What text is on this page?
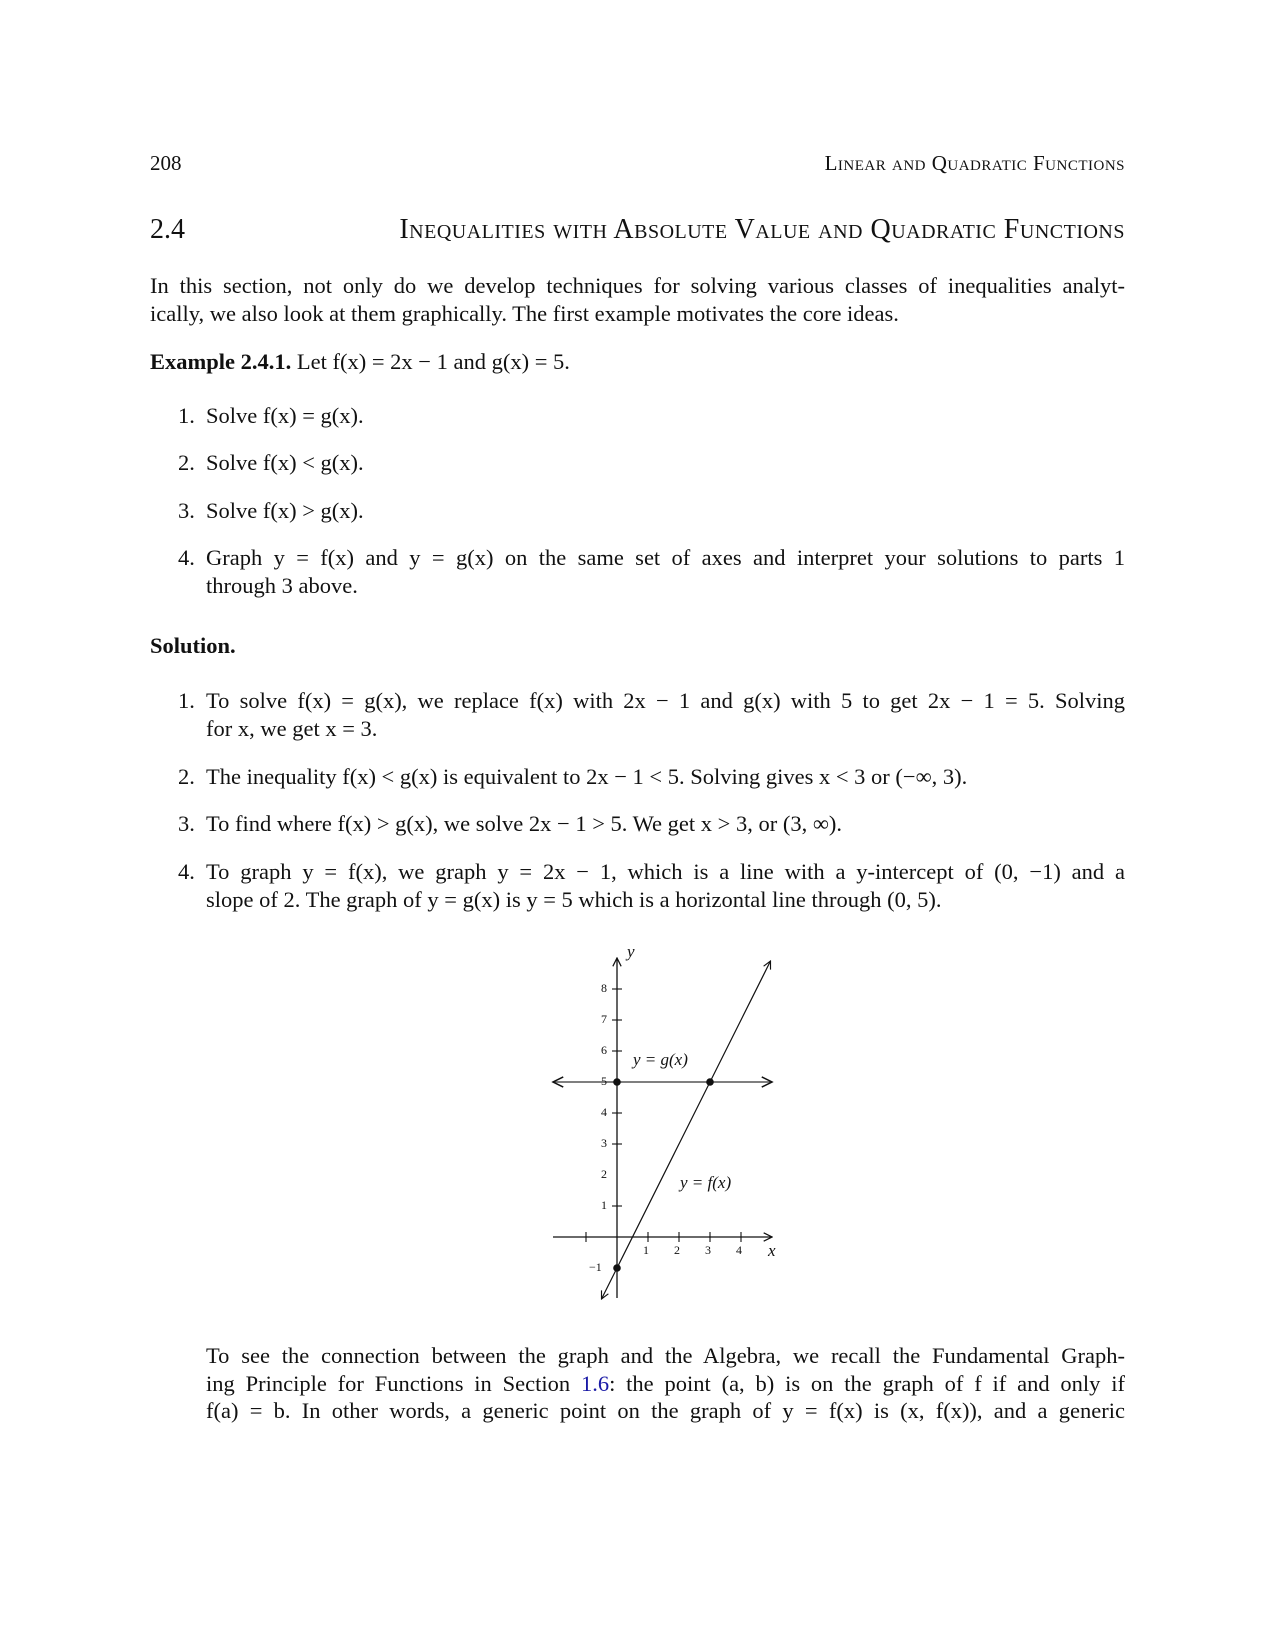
208	Linear and Quadratic Functions
2.4	Inequalities with Absolute Value and Quadratic Functions
In this section, not only do we develop techniques for solving various classes of inequalities analyt-
ically, we also look at them graphically. The first example motivates the core ideas.
Example 2.4.1. Let f(x) = 2x − 1 and g(x) = 5.
1. Solve f(x) = g(x).
2. Solve f(x) < g(x).
3. Solve f(x) > g(x).
4. Graph y = f(x) and y = g(x) on the same set of axes and interpret your solutions to parts 1
through 3 above.
Solution.
1. To solve f(x) = g(x), we replace f(x) with 2x − 1 and g(x) with 5 to get 2x − 1 = 5. Solving
for x, we get x = 3.
2. The inequality f(x) < g(x) is equivalent to 2x − 1 < 5. Solving gives x < 3 or (−∞, 3).
3. To find where f(x) > g(x), we solve 2x − 1 > 5. We get x > 3, or (3, ∞).
4. To graph y = f(x), we graph y = 2x − 1, which is a line with a y-intercept of (0, −1) and a
slope of 2. The graph of y = g(x) is y = 5 which is a horizontal line through (0, 5).
y
x
1 2 3 4
−1
1
2
3
4
5
6
7
8
y = g(x)
y = f(x)
To see the connection between the graph and the Algebra, we recall the Fundamental Graph-
ing Principle for Functions in Section 1.6: the point (a, b) is on the graph of f if and only if
f(a) = b. In other words, a generic point on the graph of y = f(x) is (x, f(x)), and a generic
